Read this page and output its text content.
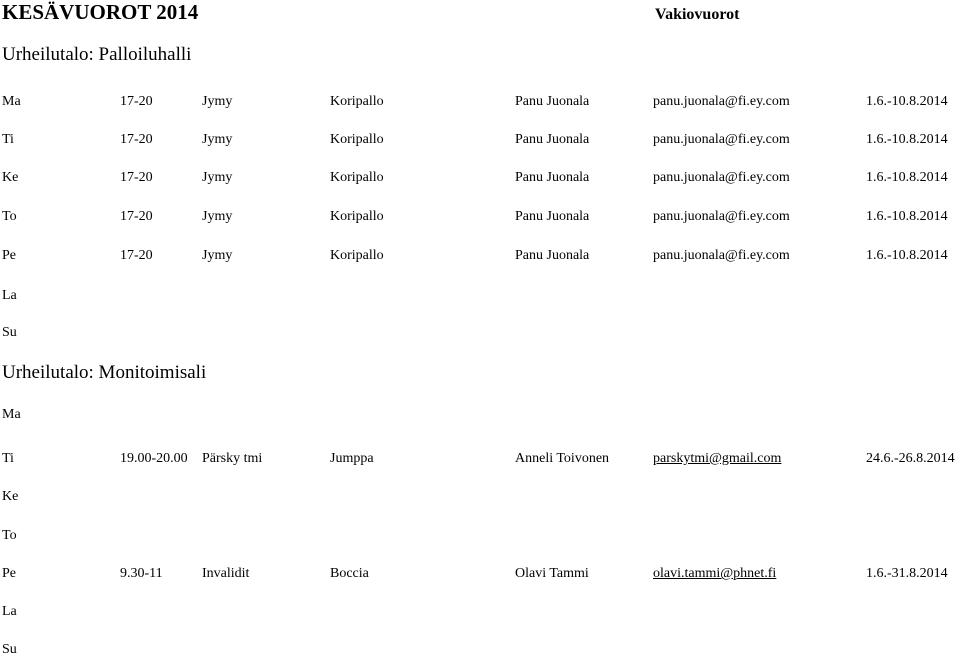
KESÄVUOROT 2014	Vakiovuorot
Urheilutalo: Palloiluhalli
Ma	17-20	Jymy	Koripallo	Panu Juonala	panu.juonala@fi.ey.com	1.6.-10.8.2014
Ti	17-20	Jymy	Koripallo	Panu Juonala	panu.juonala@fi.ey.com	1.6.-10.8.2014
Ke	17-20	Jymy	Koripallo	Panu Juonala	panu.juonala@fi.ey.com	1.6.-10.8.2014
To	17-20	Jymy	Koripallo	Panu Juonala	panu.juonala@fi.ey.com	1.6.-10.8.2014
Pe	17-20	Jymy	Koripallo	Panu Juonala	panu.juonala@fi.ey.com	1.6.-10.8.2014
La
Su
Urheilutalo: Monitoimisali
Ma
Ti	19.00-20.00 Pärsky tmi	Jumppa	Anneli Toivonen	parskytmi@gmail.com	24.6.-26.8.2014
Ke
To
Pe	9.30-11	Invalidit	Boccia	Olavi Tammi	olavi.tammi@phnet.fi	1.6.-31.8.2014
La
Su
